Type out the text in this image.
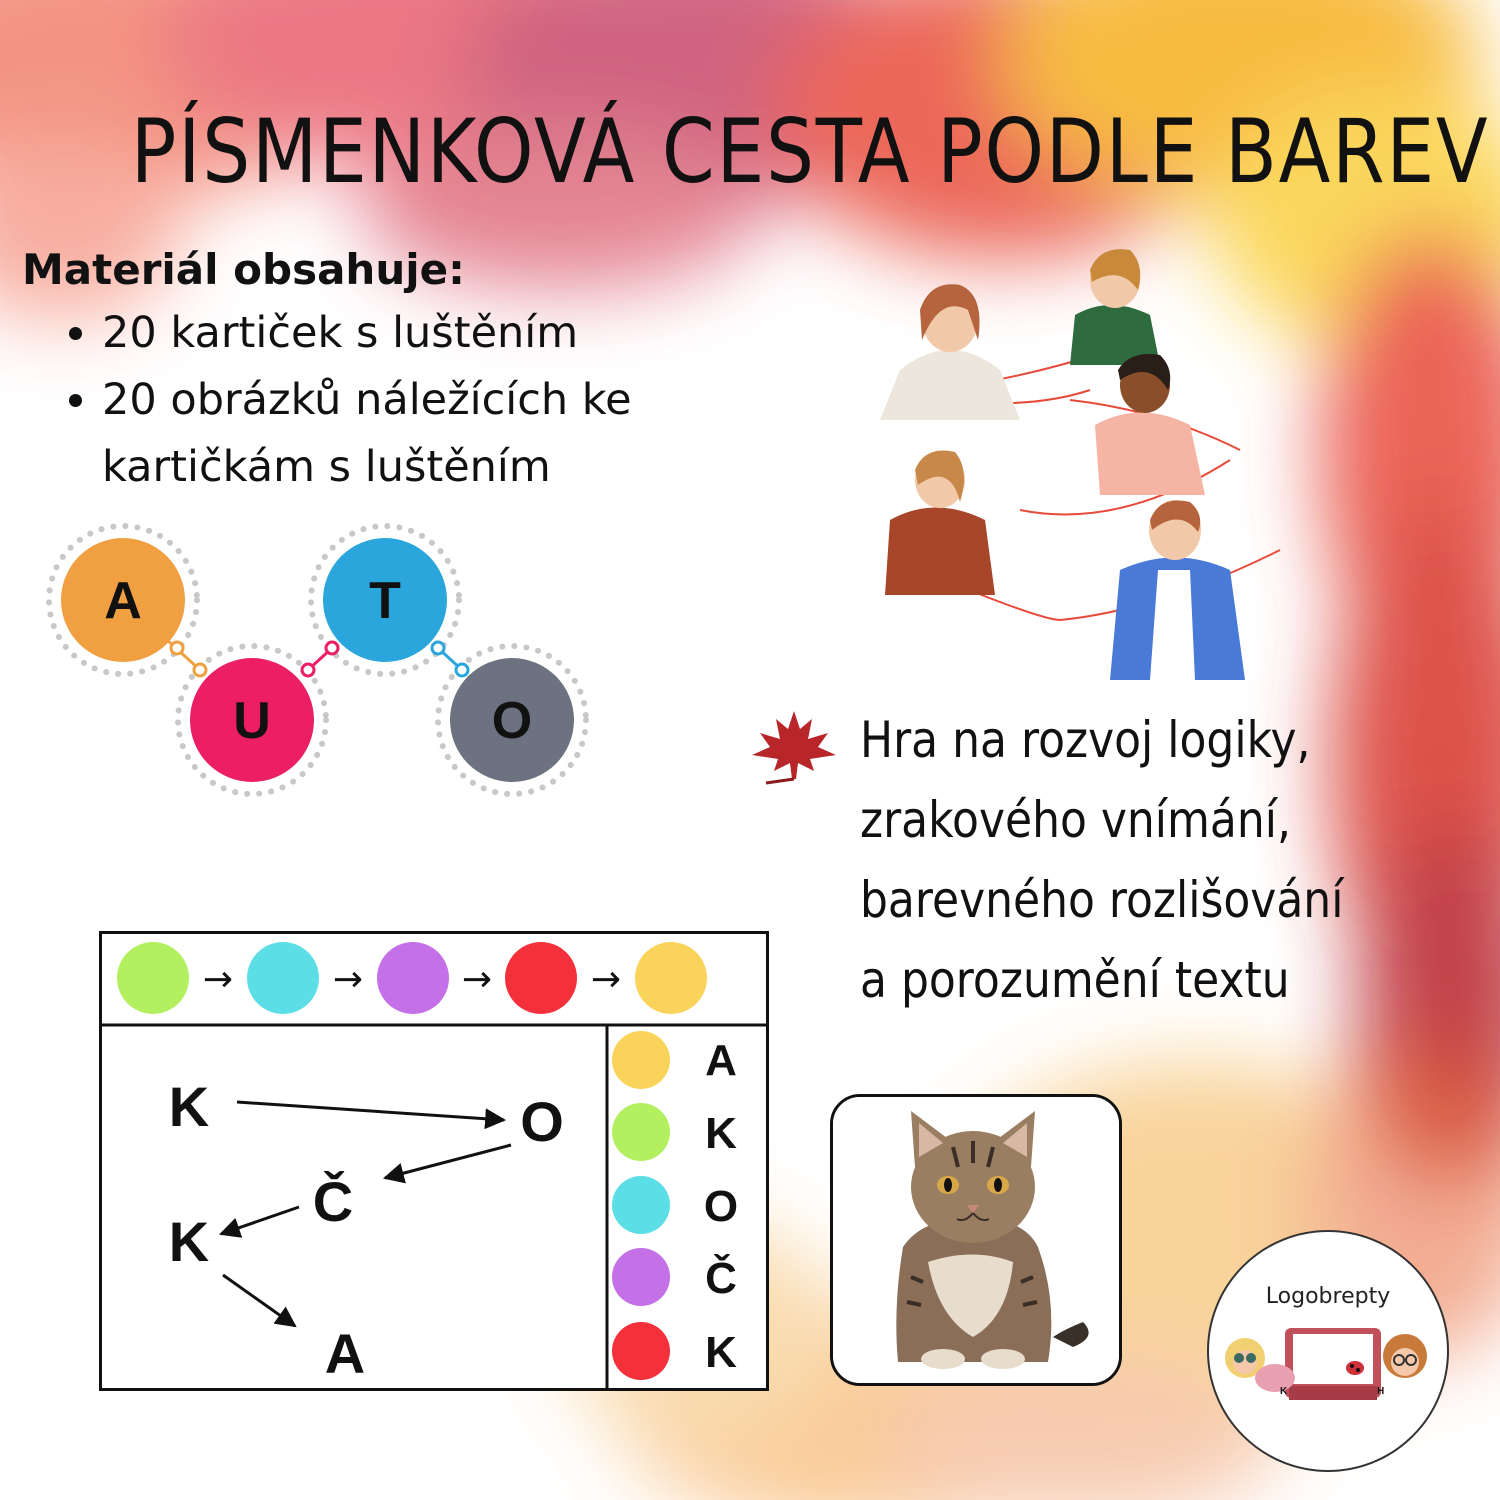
PÍSMENKOVÁ CESTA PODLE BAREV
Materiál obsahuje:
• 20 kartiček s luštěním
• 20 obrázků náležících ke kartičkám s luštěním
A
U
T
O	Hra na rozvoj logiky,
zrakového vnímání,
barevného rozlišování
a porozumění textu
→	→	→	→
K	O
Č
K
A
A
K
O
Č
K
K	H
Logobrepty
